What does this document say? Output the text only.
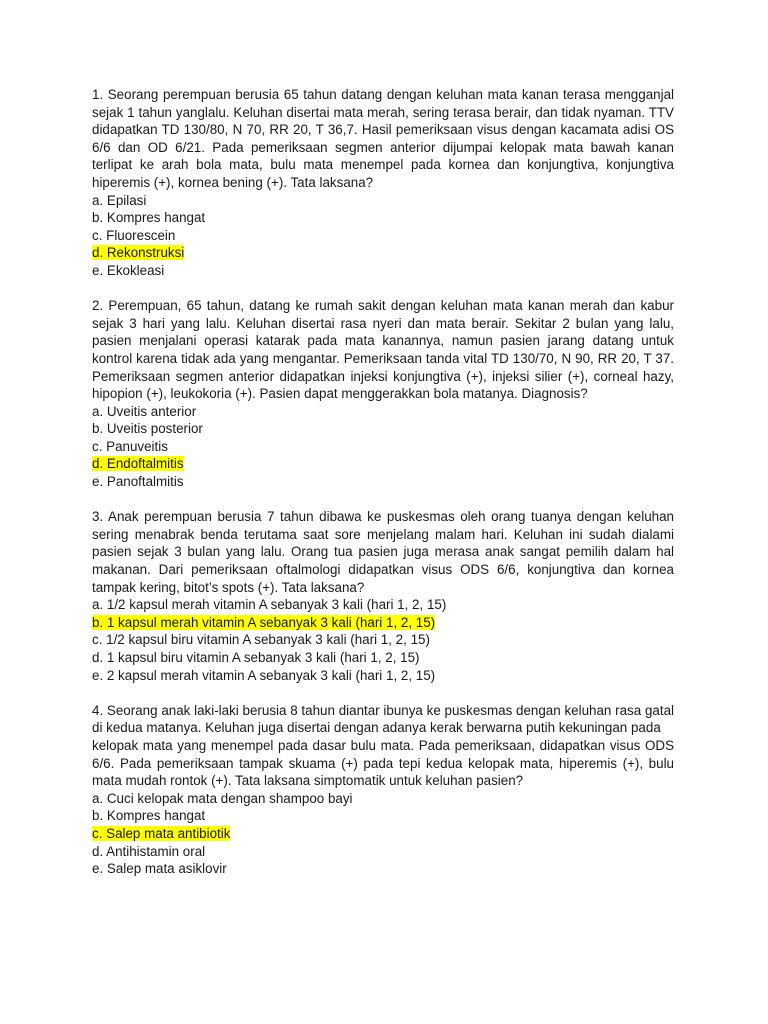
1. Seorang perempuan berusia 65 tahun datang dengan keluhan mata kanan terasa mengganjal sejak 1 tahun yanglalu. Keluhan disertai mata merah, sering terasa berair, dan tidak nyaman. TTV didapatkan TD 130/80, N 70, RR 20, T 36,7. Hasil pemeriksaan visus dengan kacamata adisi OS 6/6 dan OD 6/21. Pada pemeriksaan segmen anterior dijumpai kelopak mata bawah kanan terlipat ke arah bola mata, bulu mata menempel pada kornea dan konjungtiva, konjungtiva hiperemis (+), kornea bening (+). Tata laksana?

a. Epilasi
b. Kompres hangat
c. Fluorescein
d. Rekonstruksi
e. Ekokleasi

2. Perempuan, 65 tahun, datang ke rumah sakit dengan keluhan mata kanan merah dan kabur sejak 3 hari yang lalu. Keluhan disertai rasa nyeri dan mata berair. Sekitar 2 bulan yang lalu, pasien menjalani operasi katarak pada mata kanannya, namun pasien jarang datang untuk kontrol karena tidak ada yang mengantar. Pemeriksaan tanda vital TD 130/70, N 90, RR 20, T 37. Pemeriksaan segmen anterior didapatkan injeksi konjungtiva (+), injeksi silier (+), corneal hazy, hipopion (+), leukokoria (+). Pasien dapat menggerakkan bola matanya. Diagnosis?

a. Uveitis anterior
b. Uveitis posterior
c. Panuveitis
d. Endoftalmitis
e. Panoftalmitis

3. Anak perempuan berusia 7 tahun dibawa ke puskesmas oleh orang tuanya dengan keluhan sering menabrak benda terutama saat sore menjelang malam hari. Keluhan ini sudah dialami pasien sejak 3 bulan yang lalu. Orang tua pasien juga merasa anak sangat pemilih dalam hal makanan. Dari pemeriksaan oftalmologi didapatkan visus ODS 6/6, konjungtiva dan kornea tampak kering, bitot’s spots (+). Tata laksana?

a. 1/2 kapsul merah vitamin A sebanyak 3 kali (hari 1, 2, 15)
b. 1 kapsul merah vitamin A sebanyak 3 kali (hari 1, 2, 15)
c. 1/2 kapsul biru vitamin A sebanyak 3 kali (hari 1, 2, 15)
d. 1 kapsul biru vitamin A sebanyak 3 kali (hari 1, 2, 15)
e. 2 kapsul merah vitamin A sebanyak 3 kali (hari 1, 2, 15)

4. Seorang anak laki-laki berusia 8 tahun diantar ibunya ke puskesmas dengan keluhan rasa gatal di kedua matanya. Keluhan juga disertai dengan adanya kerak berwarna putih kekuningan pada

kelopak mata yang menempel pada dasar bulu mata. Pada pemeriksaan, didapatkan visus ODS 6/6. Pada pemeriksaan tampak skuama (+) pada tepi kedua kelopak mata, hiperemis (+), bulu mata mudah rontok (+). Tata laksana simptomatik untuk keluhan pasien?

a. Cuci kelopak mata dengan shampoo bayi
b. Kompres hangat
c. Salep mata antibiotik
d. Antihistamin oral
e. Salep mata asiklovir
